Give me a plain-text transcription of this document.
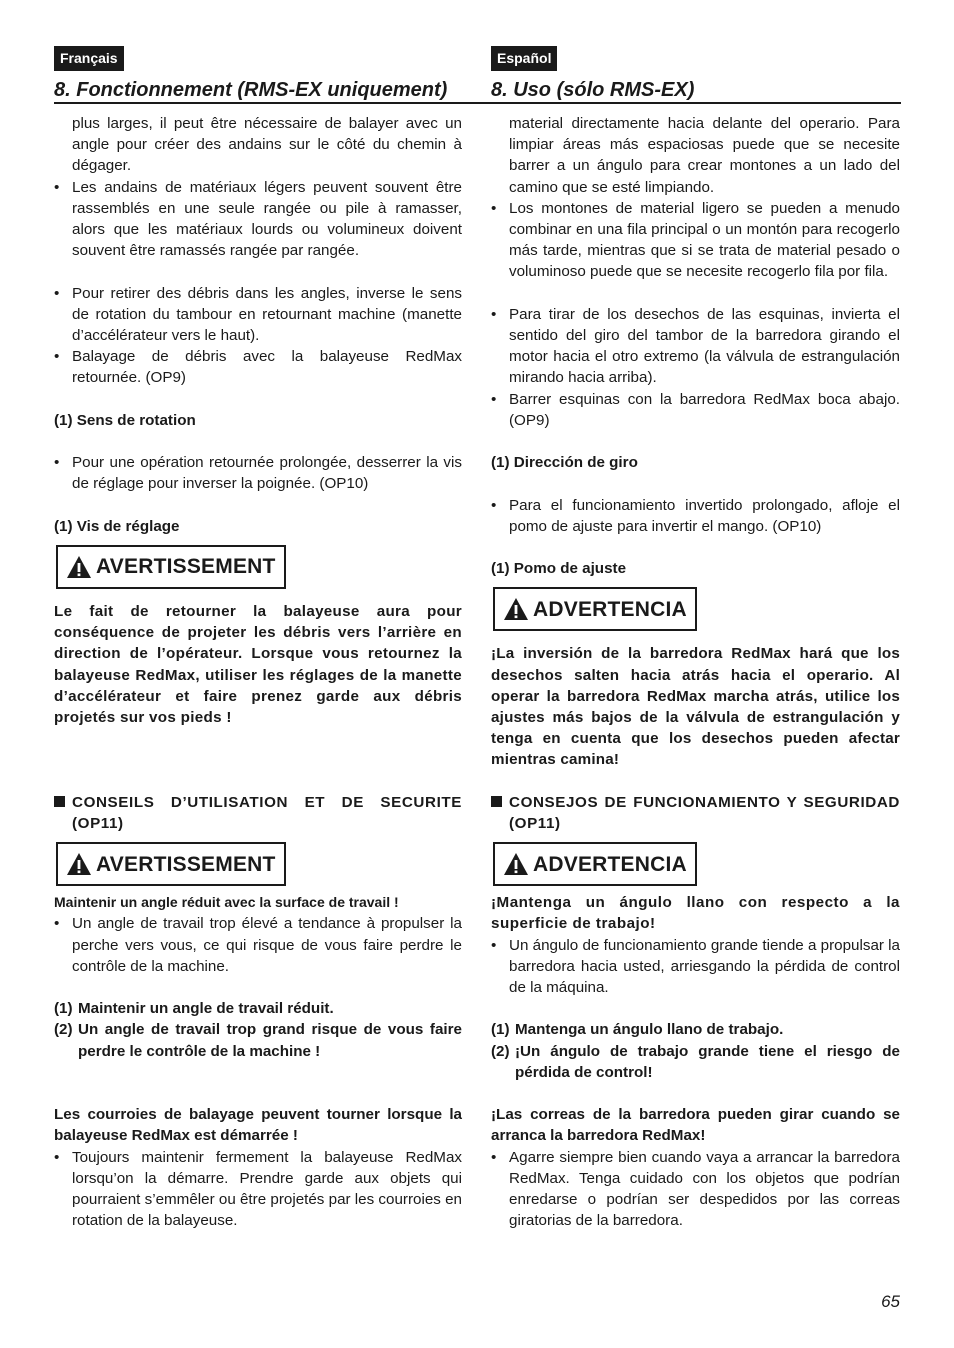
Français
8. Fonctionnement (RMS-EX uniquement)
Español
8. Uso (sólo RMS-EX)

plus larges, il peut être nécessaire de balayer avec un angle pour créer des andains sur le côté du chemin à dégager.

• Les andains de matériaux légers peuvent souvent être rassemblés en une seule rangée ou pile à ramasser, alors que les matériaux lourds ou volumineux doivent souvent être ramassés rangée par rangée.

• Pour retirer des débris dans les angles, inverse le sens de rotation du tambour en retournant machine (manette d’accélérateur vers le haut).

• Balayage de débris avec la balayeuse RedMax retournée. (OP9)

(1) Sens de rotation

• Pour une opération retournée prolongée, desserrer la vis de réglage pour inverser la poignée. (OP10)

(1) Vis de réglage

AVERTISSEMENT

Le fait de retourner la balayeuse aura pour conséquence de projeter les débris vers l’arrière en direction de l’opérateur. Lorsque vous retournez la balayeuse RedMax, utiliser les réglages de la manette d’accélérateur et faire prenez garde aux débris projetés sur vos pieds !

CONSEILS D’UTILISATION ET DE SECURITE (OP11)

AVERTISSEMENT

Maintenir un angle réduit avec la surface de travail !

• Un angle de travail trop élevé a tendance à propulser la perche vers vous, ce qui risque de vous faire perdre le contrôle de la machine.

(1) Maintenir un angle de travail réduit.

(2) Un angle de travail trop grand risque de vous faire perdre le contrôle de la machine !

Les courroies de balayage peuvent tourner lorsque la balayeuse RedMax est démarrée !

• Toujours maintenir fermement la balayeuse RedMax lorsqu’on la démarre. Prendre garde aux objets qui pourraient s’emmêler ou être projetés par les courroies en rotation de la balayeuse.

material directamente hacia delante del operario. Para limpiar áreas más espaciosas puede que se necesite barrer a un ángulo para crear montones a un lado del camino que se esté limpiando.

• Los montones de material ligero se pueden a menudo combinar en una fila principal o un montón para recogerlo más tarde, mientras que si se trata de material pesado o voluminoso puede que se necesite recogerlo fila por fila.

• Para tirar de los desechos de las esquinas, invierta el sentido del giro del tambor de la barredora girando el motor hacia el otro extremo (la válvula de estrangulación mirando hacia arriba).

• Barrer esquinas con la barredora RedMax boca abajo. (OP9)

(1) Dirección de giro

• Para el funcionamiento invertido prolongado, afloje el pomo de ajuste para invertir el mango. (OP10)

(1) Pomo de ajuste

ADVERTENCIA

¡La inversión de la barredora RedMax hará que los desechos salten hacia atrás hacia el operario. Al operar la barredora RedMax marcha atrás, utilice los ajustes más bajos de la válvula de estrangulación y tenga en cuenta que los desechos pueden afectar mientras camina!

CONSEJOS DE FUNCIONAMIENTO Y SEGURIDAD (OP11)

ADVERTENCIA

¡Mantenga un ángulo llano con respecto a la superficie de trabajo!

• Un ángulo de funcionamiento grande tiende a propulsar la barredora hacia usted, arriesgando la pérdida de control de la máquina.

(1) Mantenga un ángulo llano de trabajo.

(2) ¡Un ángulo de trabajo grande tiene el riesgo de pérdida de control!

¡Las correas de la barredora pueden girar cuando se arranca la barredora RedMax!

• Agarre siempre bien cuando vaya a arrancar la barredora RedMax. Tenga cuidado con los objetos que podrían enredarse o podrían ser despedidos por las correas giratorias de la barredora.

65
